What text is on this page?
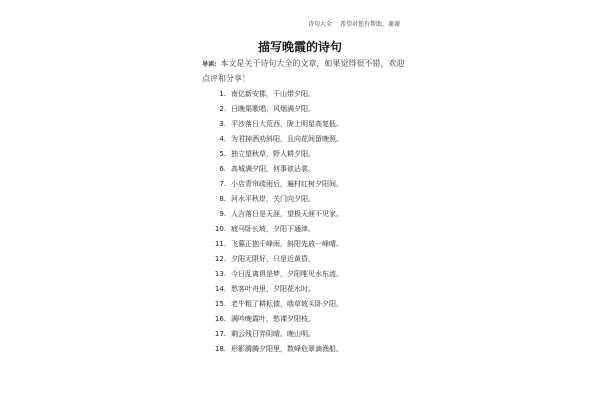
诗句大全 希望对您有帮助，谢谢
描写晚霞的诗句
导读: 本文是关于诗句大全的文章，如果觉得很不错，欢迎点评和分享！
1. 南亿新安郡，千山带夕阳。
2. 日晚渠歌唱，风烟满夕阳。
3. 平沙落日大荒西，陇上明星高复低。
4. 为君掉酒劝斜阳，且向花间留晚照。
5. 独立望秋草，野人耕夕阳。
6. 高城满夕阳，何事欲沾裳。
7. 小店青帘疏雨后，遍村红树夕阳间。
8. 河水平秋岸，关门向夕阳。
9. 人言落日是天涯，望极天涯不见家。
10. 疲马卧长坡，夕阳下通津。
11. 飞暮正抱千峰雨，斜阳先放一峰晴。
12. 夕阳无限好，只是近黄昏。
13. 今日乱离俱是梦，夕阳唯见水东流。
14. 愁客叶舟里，夕阳花水时。
15. 老牛粗了耕耘债，啮草坡头卧夕阳。
16. 满吟晚霞叶，愁裸夕阳枝。
17. 剩云残日弄阴晴。晚山明。
18. 形影腾腾夕阳里，数峰危翠滴渔船。
